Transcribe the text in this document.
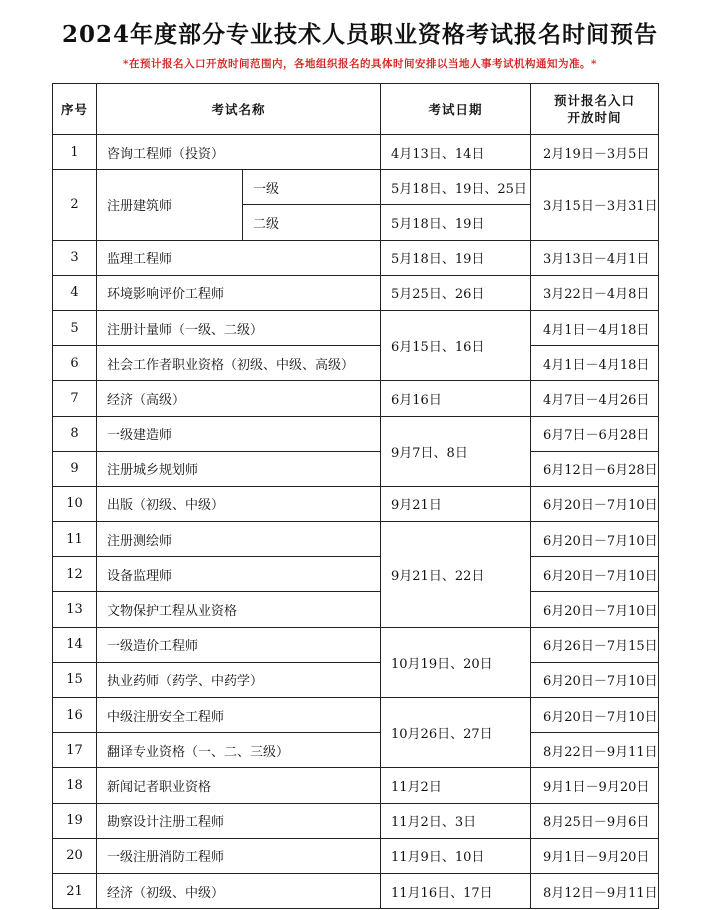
2024年度部分专业技术人员职业资格考试报名时间预告
*在预计报名入口开放时间范围内，各地组织报名的具体时间安排以当地人事考试机构通知为准。*
序号	考试名称		考试日期	预计报名入口
开放时间

1	咨询工程师（投资）		4月13日、14日	2月19日－3月5日
2	注册建筑师	一级	5月18日、19日、25日	3月15日－3月31日
		二级	5月18日、19日	
3	监理工程师		5月18日、19日	3月13日－4月1日
4	环境影响评价工程师		5月25日、26日	3月22日－4月8日
5	注册计量师（一级、二级）		6月15日、16日	4月1日－4月18日
6	社会工作者职业资格（初级、中级、高级）			4月1日－4月18日
7	经济（高级）		6月16日	4月7日－4月26日
8	一级建造师		9月7日、8日	6月7日－6月28日
9	注册城乡规划师			6月12日－6月28日
10	出版（初级、中级）		9月21日	6月20日－7月10日
11	注册测绘师		9月21日、22日	6月20日－7月10日
12	设备监理师			6月20日－7月10日
13	文物保护工程从业资格			6月20日－7月10日
14	一级造价工程师		10月19日、20日	6月26日－7月15日
15	执业药师（药学、中药学）			6月20日－7月10日
16	中级注册安全工程师		10月26日、27日	6月20日－7月10日
17	翻译专业资格（一、二、三级）			8月22日－9月11日
18	新闻记者职业资格		11月2日	9月1日－9月20日
19	勘察设计注册工程师		11月2日、3日	8月25日－9月6日
20	一级注册消防工程师		11月9日、10日	9月1日－9月20日
21	经济（初级、中级）		11月16日、17日	8月12日－9月11日
